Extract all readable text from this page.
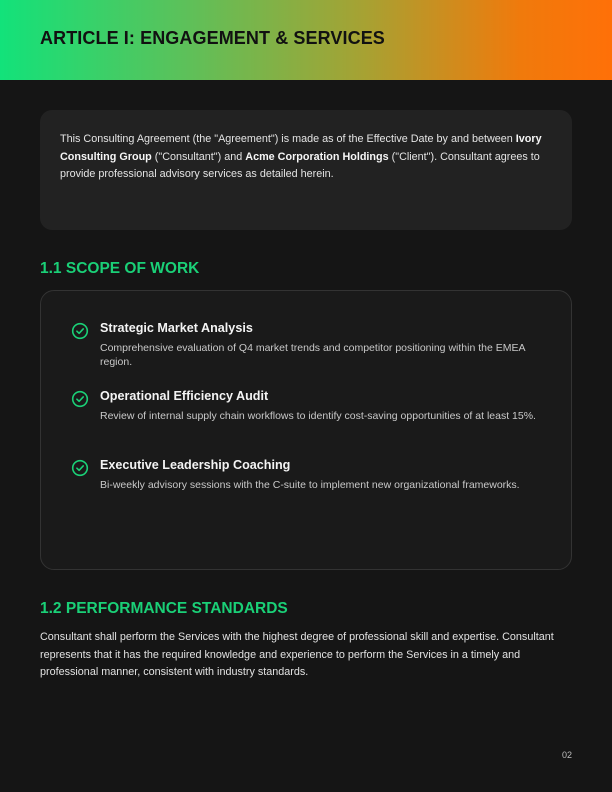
ARTICLE I: ENGAGEMENT & SERVICES

This Consulting Agreement (the "Agreement") is made as of the Effective Date by and between Ivory Consulting Group ("Consultant") and Acme Corporation Holdings ("Client"). Consultant agrees to provide professional advisory services as detailed herein.

1.1 SCOPE OF WORK

Strategic Market Analysis

Comprehensive evaluation of Q4 market trends and competitor positioning within the EMEA region.

Operational Efficiency Audit

Review of internal supply chain workflows to identify cost-saving opportunities of at least 15%.

Executive Leadership Coaching

Bi-weekly advisory sessions with the C-suite to implement new organizational frameworks.

1.2 PERFORMANCE STANDARDS

Consultant shall perform the Services with the highest degree of professional skill and expertise. Consultant represents that it has the required knowledge and experience to perform the Services in a timely and professional manner, consistent with industry standards.

02
